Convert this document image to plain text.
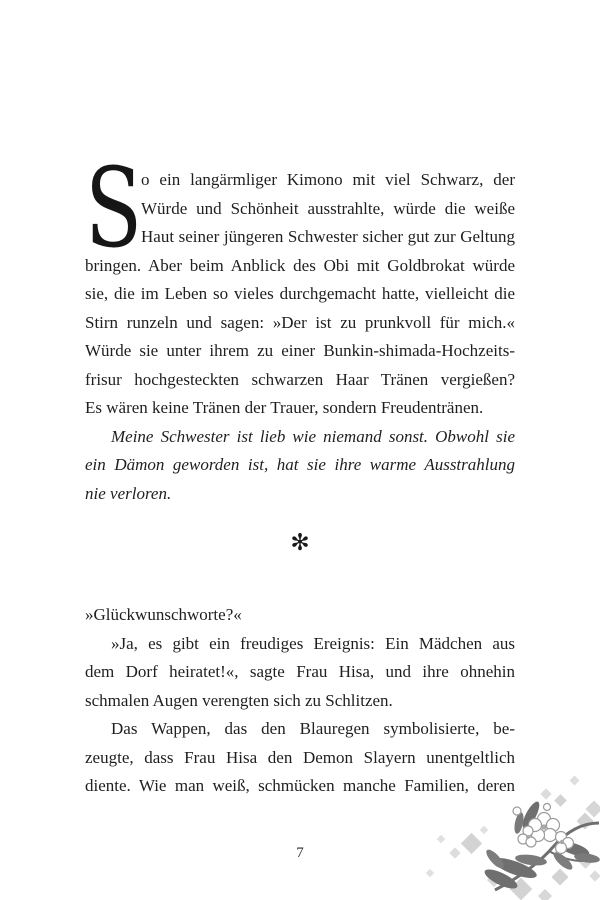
S
o ein langärmliger Kimono mit viel Schwarz, der
Würde und Schönheit ausstrahlte, würde die weiße
Haut seiner jüngeren Schwester sicher gut zur Geltung
bringen. Aber beim Anblick des Obi mit Goldbrokat würde
sie, die im Leben so vieles durchgemacht hatte, vielleicht die
Stirn runzeln und sagen: »Der ist zu prunkvoll für mich.«
Würde sie unter ihrem zu einer Bunkin-shimada-Hochzeits-
frisur hochgesteckten schwarzen Haar Tränen vergießen?
Es wären keine Tränen der Trauer, sondern Freudentränen.
Meine Schwester ist lieb wie niemand sonst. Obwohl sie
ein Dämon geworden ist, hat sie ihre warme Ausstrahlung
nie verloren.
✻
»Glückwunschworte?«
»Ja, es gibt ein freudiges Ereignis: Ein Mädchen aus
dem Dorf heiratet!«, sagte Frau Hisa, und ihre ohnehin
schmalen Augen verengten sich zu Schlitzen.
Das Wappen, das den Blauregen symbolisierte, be-
zeugte, dass Frau Hisa den Demon Slayern unentgeltlich
diente. Wie man weiß, schmücken manche Familien, deren
7
